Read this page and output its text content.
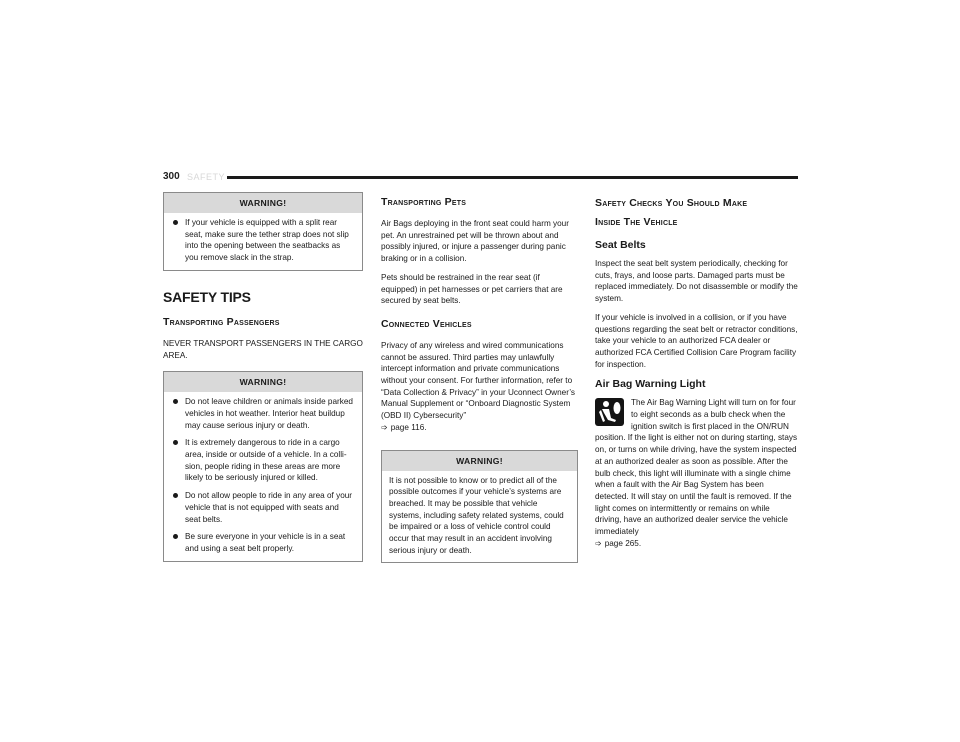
300 SAFETY
WARNING!
If your vehicle is equipped with a split rear seat, make sure the tether strap does not slip into the opening between the seatbacks as you remove slack in the strap.
SAFETY TIPS
Transporting Passengers

NEVER TRANSPORT PASSENGERS IN THE CARGO AREA.

WARNING!
Do not leave children or animals inside parked vehicles in hot weather. Interior heat buildup may cause serious injury or death.
It is extremely dangerous to ride in a cargo area, inside or outside of a vehicle. In a colli-sion, people riding in these areas are more likely to be seriously injured or killed.
Do not allow people to ride in any area of your vehicle that is not equipped with seats and seat belts.
Be sure everyone in your vehicle is in a seat and using a seat belt properly.
Transporting Pets

Air Bags deploying in the front seat could harm your pet. An unrestrained pet will be thrown about and possibly injured, or injure a passenger during panic braking or in a collision.

Pets should be restrained in the rear seat (if equipped) in pet harnesses or pet carriers that are secured by seat belts.

Connected Vehicles

Privacy of any wireless and wired communications cannot be assured. Third parties may unlawfully intercept information and private communications without your consent. For further information, refer to “Data Collection & Privacy” in your Uconnect Owner’s Manual Supplement or “Onboard Diagnostic System (OBD II) Cybersecurity”
➩ page 116.

WARNING!

It is not possible to know or to predict all of the possible outcomes if your vehicle’s systems are breached. It may be possible that vehicle systems, including safety related systems, could be impaired or a loss of vehicle control could occur that may result in an accident involving serious injury or death.

Safety Checks You Should Make
Inside The Vehicle
Seat Belts

Inspect the seat belt system periodically, checking for cuts, frays, and loose parts. Damaged parts must be replaced immediately. Do not disassemble or modify the system.

If your vehicle is involved in a collision, or if you have questions regarding the seat belt or retractor conditions, take your vehicle to an authorized FCA dealer or authorized FCA Certified Collision Care Program facility for inspection.

Air Bag Warning Light

The Air Bag Warning Light will turn on for four to eight seconds as a bulb check when the ignition switch is first placed in the ON/RUN position. If the light is either not on during starting, stays on, or turns on while driving, have the system inspected at an authorized dealer as soon as possible. After the bulb check, this light will illuminate with a single chime when a fault with the Air Bag System has been detected. It will stay on until the fault is removed. If the light comes on intermittently or remains on while driving, have an authorized dealer service the vehicle immediately
➩ page 265.
